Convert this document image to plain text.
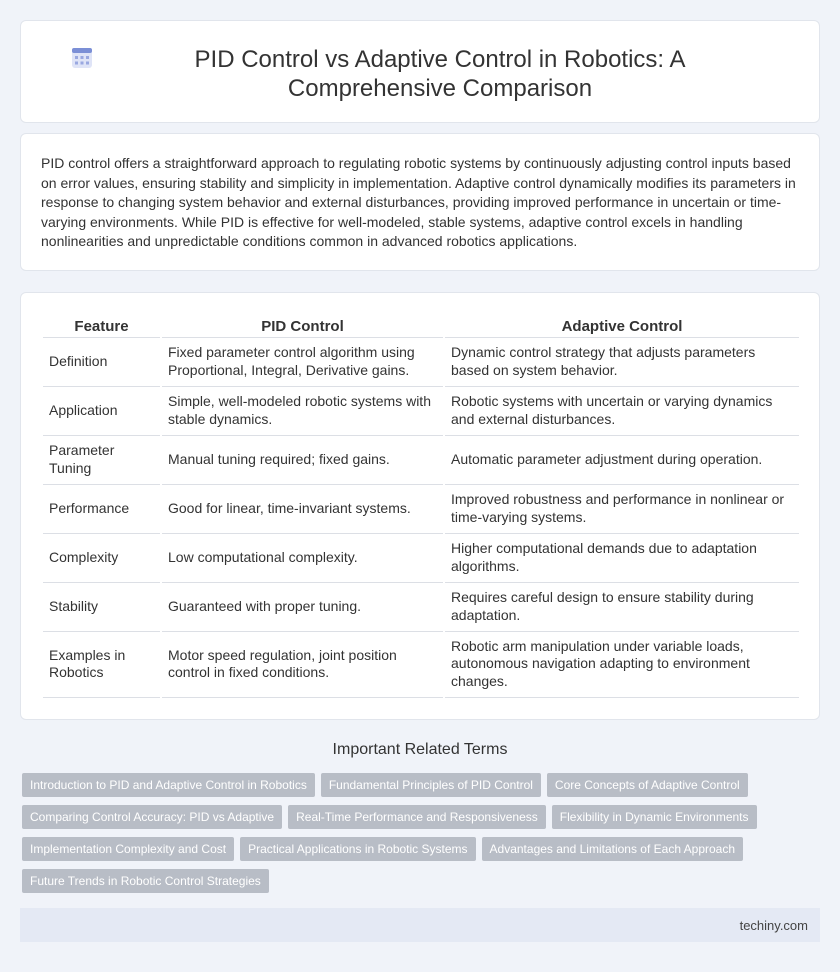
PID Control vs Adaptive Control in Robotics: A Comprehensive Comparison

PID control offers a straightforward approach to regulating robotic systems by continuously adjusting control inputs based on error values, ensuring stability and simplicity in implementation. Adaptive control dynamically modifies its parameters in response to changing system behavior and external disturbances, providing improved performance in uncertain or time-varying environments. While PID is effective for well-modeled, stable systems, adaptive control excels in handling nonlinearities and unpredictable conditions common in advanced robotics applications.

Feature	PID Control	Adaptive Control
Definition	Fixed parameter control algorithm using Proportional, Integral, Derivative gains.	Dynamic control strategy that adjusts parameters based on system behavior.
Application	Simple, well-modeled robotic systems with stable dynamics.	Robotic systems with uncertain or varying dynamics and external disturbances.
Parameter Tuning	Manual tuning required; fixed gains.	Automatic parameter adjustment during operation.
Performance	Good for linear, time-invariant systems.	Improved robustness and performance in nonlinear or time-varying systems.
Complexity	Low computational complexity.	Higher computational demands due to adaptation algorithms.
Stability	Guaranteed with proper tuning.	Requires careful design to ensure stability during adaptation.
Examples in Robotics	Motor speed regulation, joint position control in fixed conditions.	Robotic arm manipulation under variable loads, autonomous navigation adapting to environment changes.
Important Related Terms
Introduction to PID and Adaptive Control in Robotics	Fundamental Principles of PID Control	Core Concepts of Adaptive Control
Comparing Control Accuracy: PID vs Adaptive	Real-Time Performance and Responsiveness	Flexibility in Dynamic Environments
Implementation Complexity and Cost	Practical Applications in Robotic Systems	Advantages and Limitations of Each Approach
Future Trends in Robotic Control Strategies
techiny.com
